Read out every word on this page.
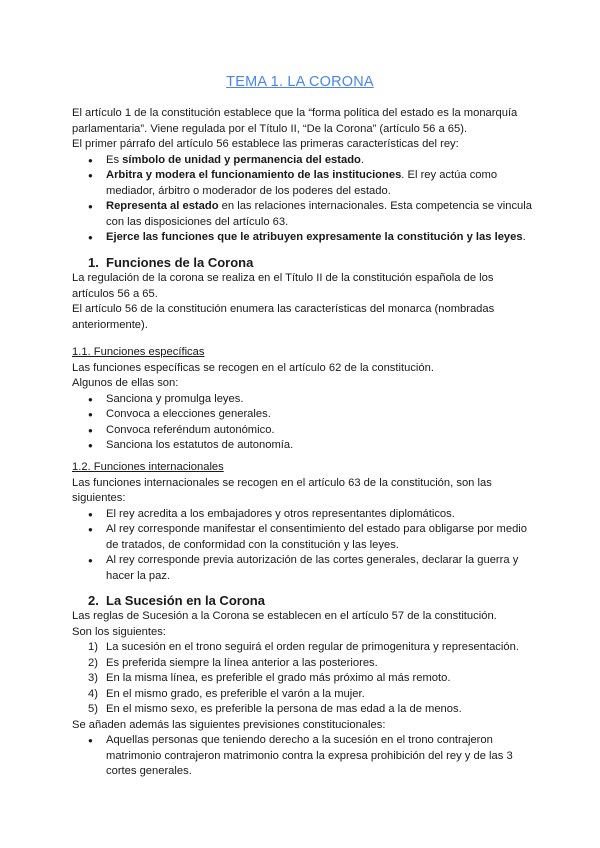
TEMA 1. LA CORONA

El artículo 1 de la constitución establece que la “forma política del estado es la monarquía parlamentaria”. Viene regulada por el Título II, “De la Corona” (artículo 56 a 65).

El primer párrafo del artículo 56 establece las primeras características del rey:

● Es símbolo de unidad y permanencia del estado.
● Arbitra y modera el funcionamiento de las instituciones. El rey actúa como mediador, árbitro o moderador de los poderes del estado.
● Representa al estado en las relaciones internacionales. Esta competencia se vincula con las disposiciones del artículo 63.
● Ejerce las funciones que le atribuyen expresamente la constitución y las leyes.

1. Funciones de la Corona

La regulación de la corona se realiza en el Título II de la constitución española de los artículos 56 a 65.

El artículo 56 de la constitución enumera las características del monarca (nombradas anteriormente).

1.1. Funciones específicas

Las funciones específicas se recogen en el artículo 62 de la constitución.

Algunos de ellas son:

● Sanciona y promulga leyes.
● Convoca a elecciones generales.
● Convoca referéndum autonómico.
● Sanciona los estatutos de autonomía.

1.2. Funciones internacionales

Las funciones internacionales se recogen en el artículo 63 de la constitución, son las siguientes:

● El rey acredita a los embajadores y otros representantes diplomáticos.
● Al rey corresponde manifestar el consentimiento del estado para obligarse por medio de tratados, de conformidad con la constitución y las leyes.
● Al rey corresponde previa autorización de las cortes generales, declarar la guerra y hacer la paz.

2. La Sucesión en la Corona

Las reglas de Sucesión a la Corona se establecen en el artículo 57 de la constitución.

Son los siguientes:

1) La sucesión en el trono seguirá el orden regular de primogenitura y representación.
2) Es preferida siempre la línea anterior a las posteriores.
3) En la misma línea, es preferible el grado más próximo al más remoto.
4) En el mismo grado, es preferible el varón a la mujer.
5) En el mismo sexo, es preferible la persona de mas edad a la de menos.

Se añaden además las siguientes previsiones constitucionales:

● Aquellas personas que teniendo derecho a la sucesión en el trono contrajeron matrimonio contrajeron matrimonio contra la expresa prohibición del rey y de las 3 cortes generales.
